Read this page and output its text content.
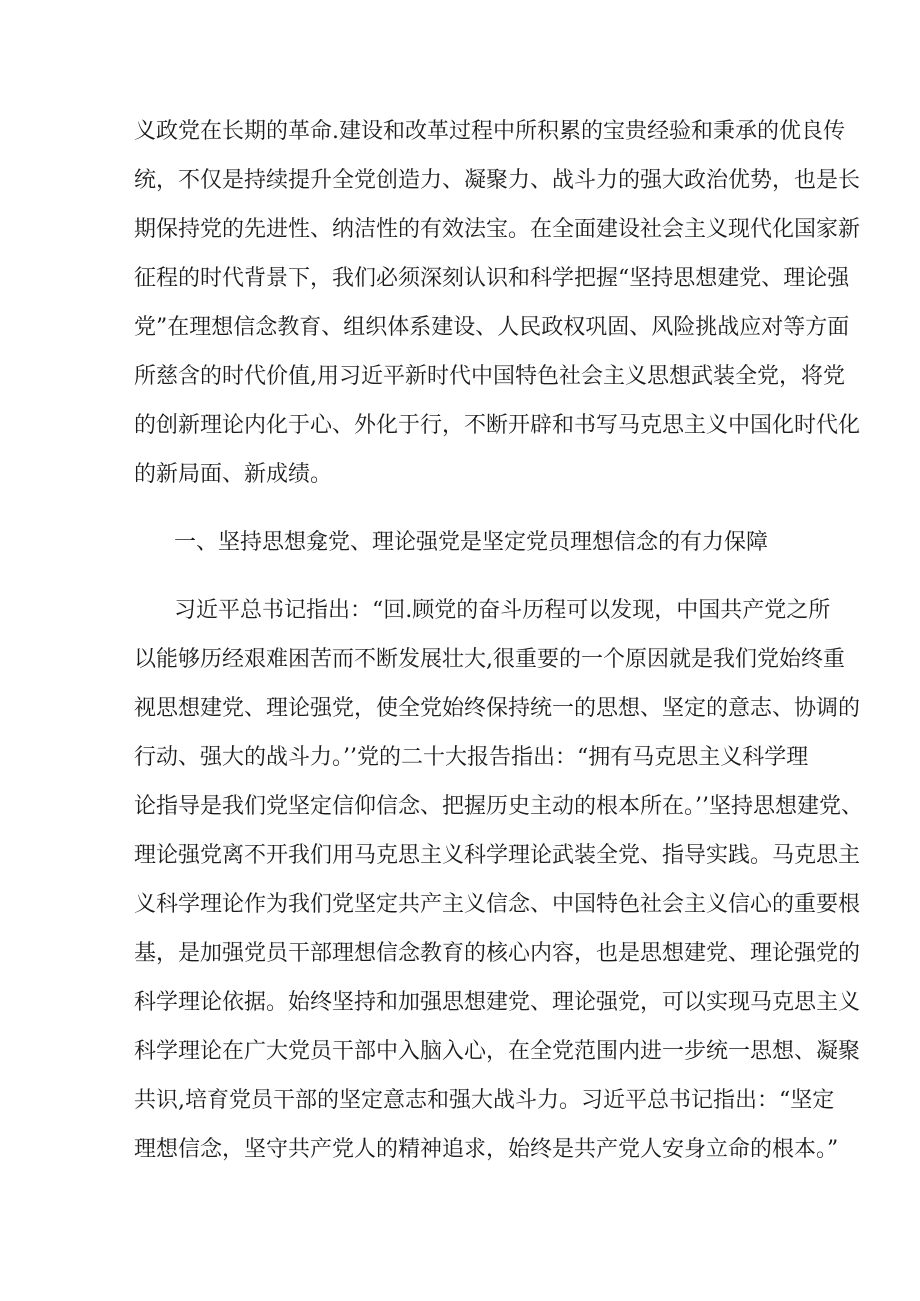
义政党在长期的革命.建设和改革过程中所积累的宝贵经验和秉承的优良传
统，不仅是持续提升全党创造力、凝聚力、战斗力的强大政治优势，也是长
期保持党的先进性、纳洁性的有效法宝。在全面建设社会主义现代化国家新
征程的时代背景下，我们必须深刻认识和科学把握“坚持思想建党、理论强
党”在理想信念教育、组织体系建设、人民政权巩固、风险挑战应对等方面
所慈含的时代价值,用习近平新时代中国特色社会主义思想武装全党，将党
的创新理论内化于心、外化于行，不断开辟和书写马克思主义中国化时代化
的新局面、新成绩。
一、坚持思想龛党、理论强党是坚定党员理想信念的有力保障
习近平总书记指出：“回.顾党的奋斗历程可以发现，中国共产党之所
以能够历经艰难困苦而不断发展壮大,很重要的一个原因就是我们党始终重
视思想建党、理论强党，使全党始终保持统一的思想、坚定的意志、协调的
行动、强大的战斗力。’’党的二十大报告指出：“拥有马克思主义科学理
论指导是我们党坚定信仰信念、把握历史主动的根本所在。’’坚持思想建党、
理论强党离不开我们用马克思主义科学理论武装全党、指导实践。马克思主
义科学理论作为我们党坚定共产主义信念、中国特色社会主义信心的重要根
基，是加强党员干部理想信念教育的核心内容，也是思想建党、理论强党的
科学理论依据。始终坚持和加强思想建党、理论强党，可以实现马克思主义
科学理论在广大党员干部中入脑入心，在全党范围内进一步统一思想、凝聚
共识,培育党员干部的坚定意志和强大战斗力。习近平总书记指出：“坚定
理想信念，坚守共产党人的精神追求，始终是共产党人安身立命的根本。”
